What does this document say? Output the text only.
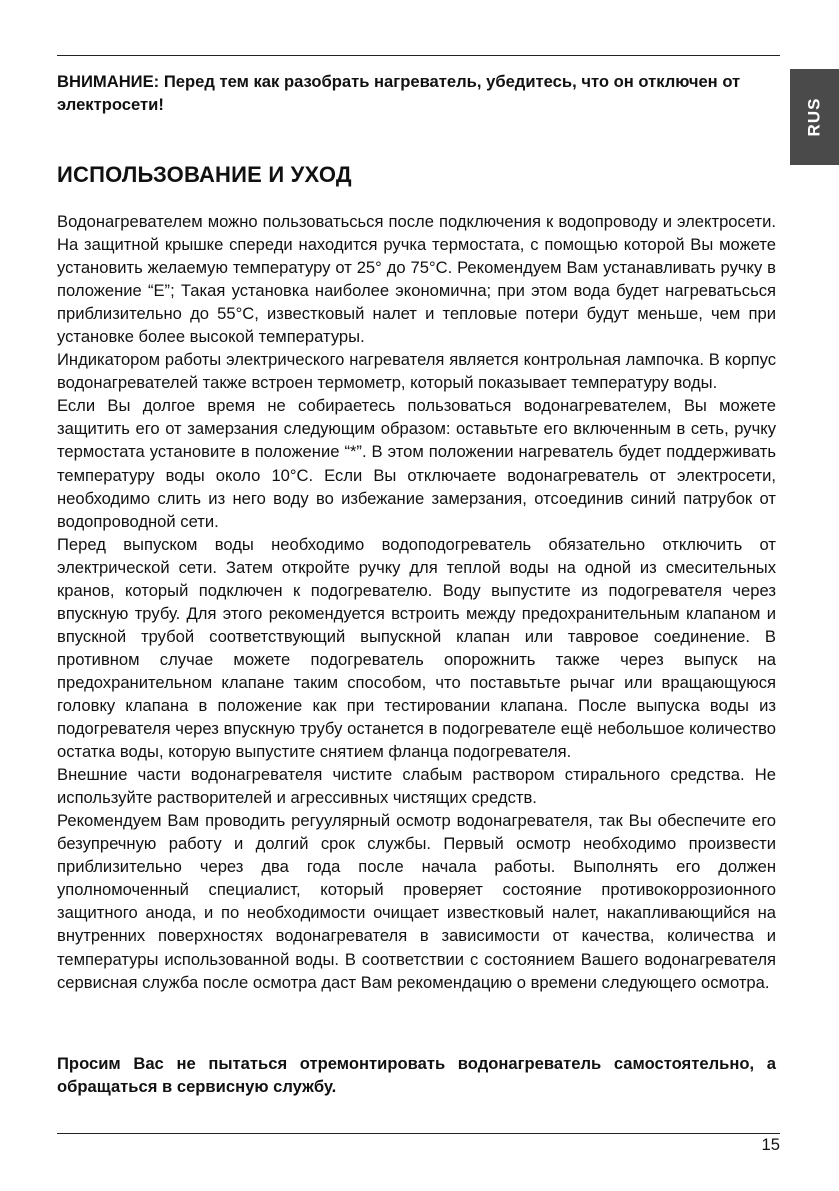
RUS

ВНИМАНИЕ: Перед тем как разобрать нагреватель, убедитесь, что он отключен от электросети!

ИСПОЛЬЗОВАНИЕ И УХОД

Водонагревателем можно пользоватьсься после подключения к водопроводу и электросети. На защитной крышке спереди находится ручка термостата, с помощью которой Вы можете установить желаемую температуру от 25° до 75°C. Рекомендуем Вам устанавливать ручку в положение “E”; Такая установка наиболее экономична; при этом вода будет нагреватьсься приблизительно до 55°C, известковый налет и тепловые потери будут меньше, чем при установке более высокой температуры.

Индикатором работы электрического нагревателя является контрольная лампочка. В корпус водонагревателей также встроен термометр, который показывает температуру воды.

Если Вы долгое время не собираетесь пользоваться водонагревателем, Вы можете защитить его от замерзания следующим образом: оставьтьте его включенным в сеть, ручку термостата установите в положение “*”. В этом положении нагреватель будет поддерживать температуру воды около 10°C. Если Вы отключаете водонагреватель от электросети, необходимо слить из него воду во избежание замерзания, отсоединив синий патрубок от водопроводной сети.

Перед выпуском воды необходимо водоподогреватель обязательно отключить от электрической сети. Затем откройте ручку для теплой воды на одной из смесительных кранов, который подключен к подогревателю. Воду выпустите из подогревателя через впускную трубу. Для этого рекомендуется встроить между предохранительным клапаном и впускной трубой соответствующий выпускной клапан или тавровое соединение. В противном случае можете подогреватель опорожнить также через выпуск на предохранительном клапане таким способом, что поставьтьте рычаг или вращающуюся головку клапана в положение как при тестировании клапана. После выпуска воды из подогревателя через впускную трубу останется в подогревателе ещё небольшое количество остатка воды, которую выпустите снятием фланца подогревателя.

Внешние части водонагревателя чистите слабым раствором стирального средства. Не используйте растворителей и агрессивных чистящих средств.

Рекомендуем Вам проводить регуулярный осмотр водонагревателя, так Вы обеспечите его безупречную работу и долгий срок службы. Первый осмотр необходимо произвести приблизительно через два года после начала работы. Выполнять его должен уполномоченный специалист, который проверяет состояние противокоррозионного защитного анода, и по необходимости очищает известковый налет, накапливающийся на внутренних поверхностях водонагревателя в зависимости от качества, количества и температуры использованной воды. В соответствии с состоянием Вашего водонагревателя сервисная служба после осмотра даст Вам рекомендацию о времени следующего осмотра.

Просим Вас не пытаться отремонтировать водонагреватель самостоятельно, а обращаться в сервисную службу.

15
